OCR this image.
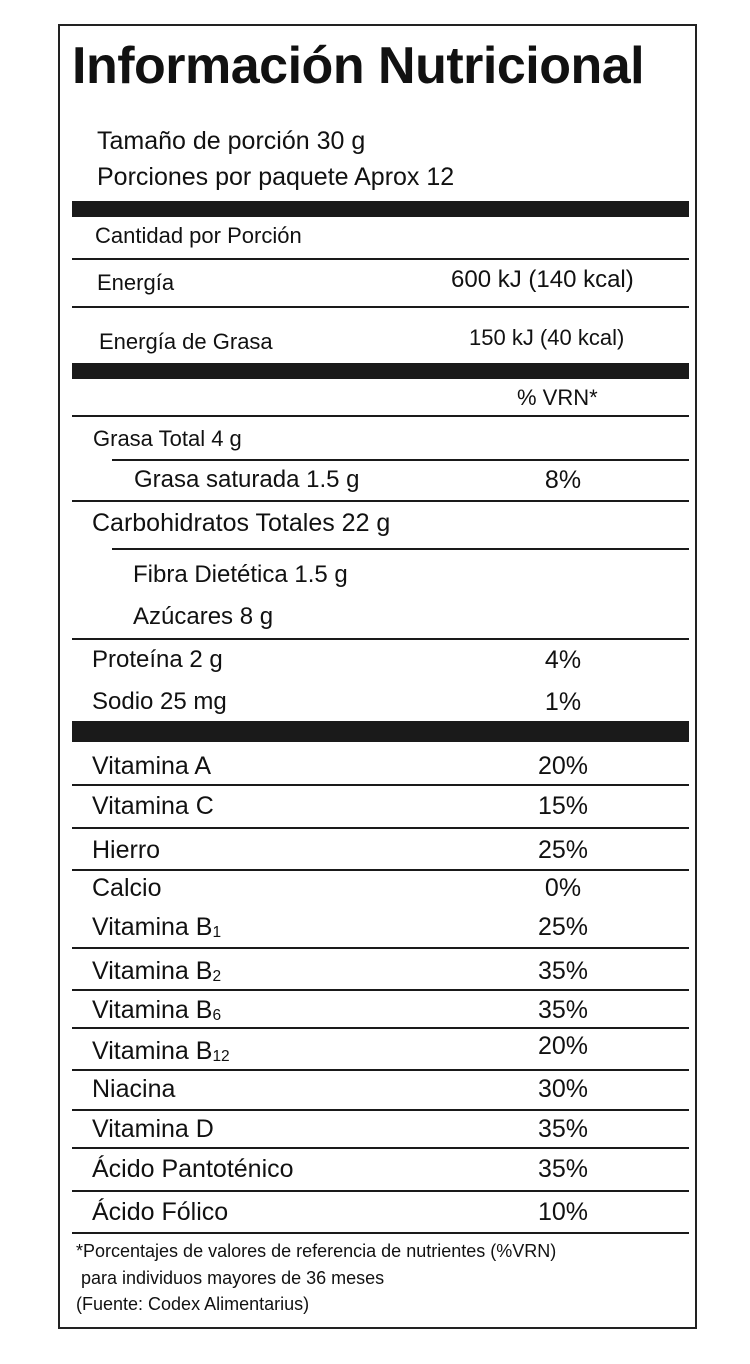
Información Nutricional
Tamaño de porción 30 g
Porciones por paquete Aprox 12
Cantidad por Porción
Energía	600 kJ (140 kcal)
Energía de Grasa	150 kJ (40 kcal)
% VRN*
Grasa Total 4 g
Grasa saturada 1.5 g	8%
Carbohidratos Totales 22 g
Fibra Dietética 1.5 g
Azúcares 8 g
Proteína 2 g	4%
Sodio 25 mg	1%
Vitamina A	20%
Vitamina C	15%
Hierro	25%
Calcio	0%
Vitamina $B_1$	25%
Vitamina $B_2$	35%
Vitamina $B_6$	35%
Vitamina $B_{12}$	20%
Niacina	30%
Vitamina D	35%
Ácido Pantoténico	35%
Ácido Fólico	10%
*Porcentajes de valores de referencia de nutrientes (%VRN)
para individuos mayores de 36 meses
(Fuente: Codex Alimentarius)
